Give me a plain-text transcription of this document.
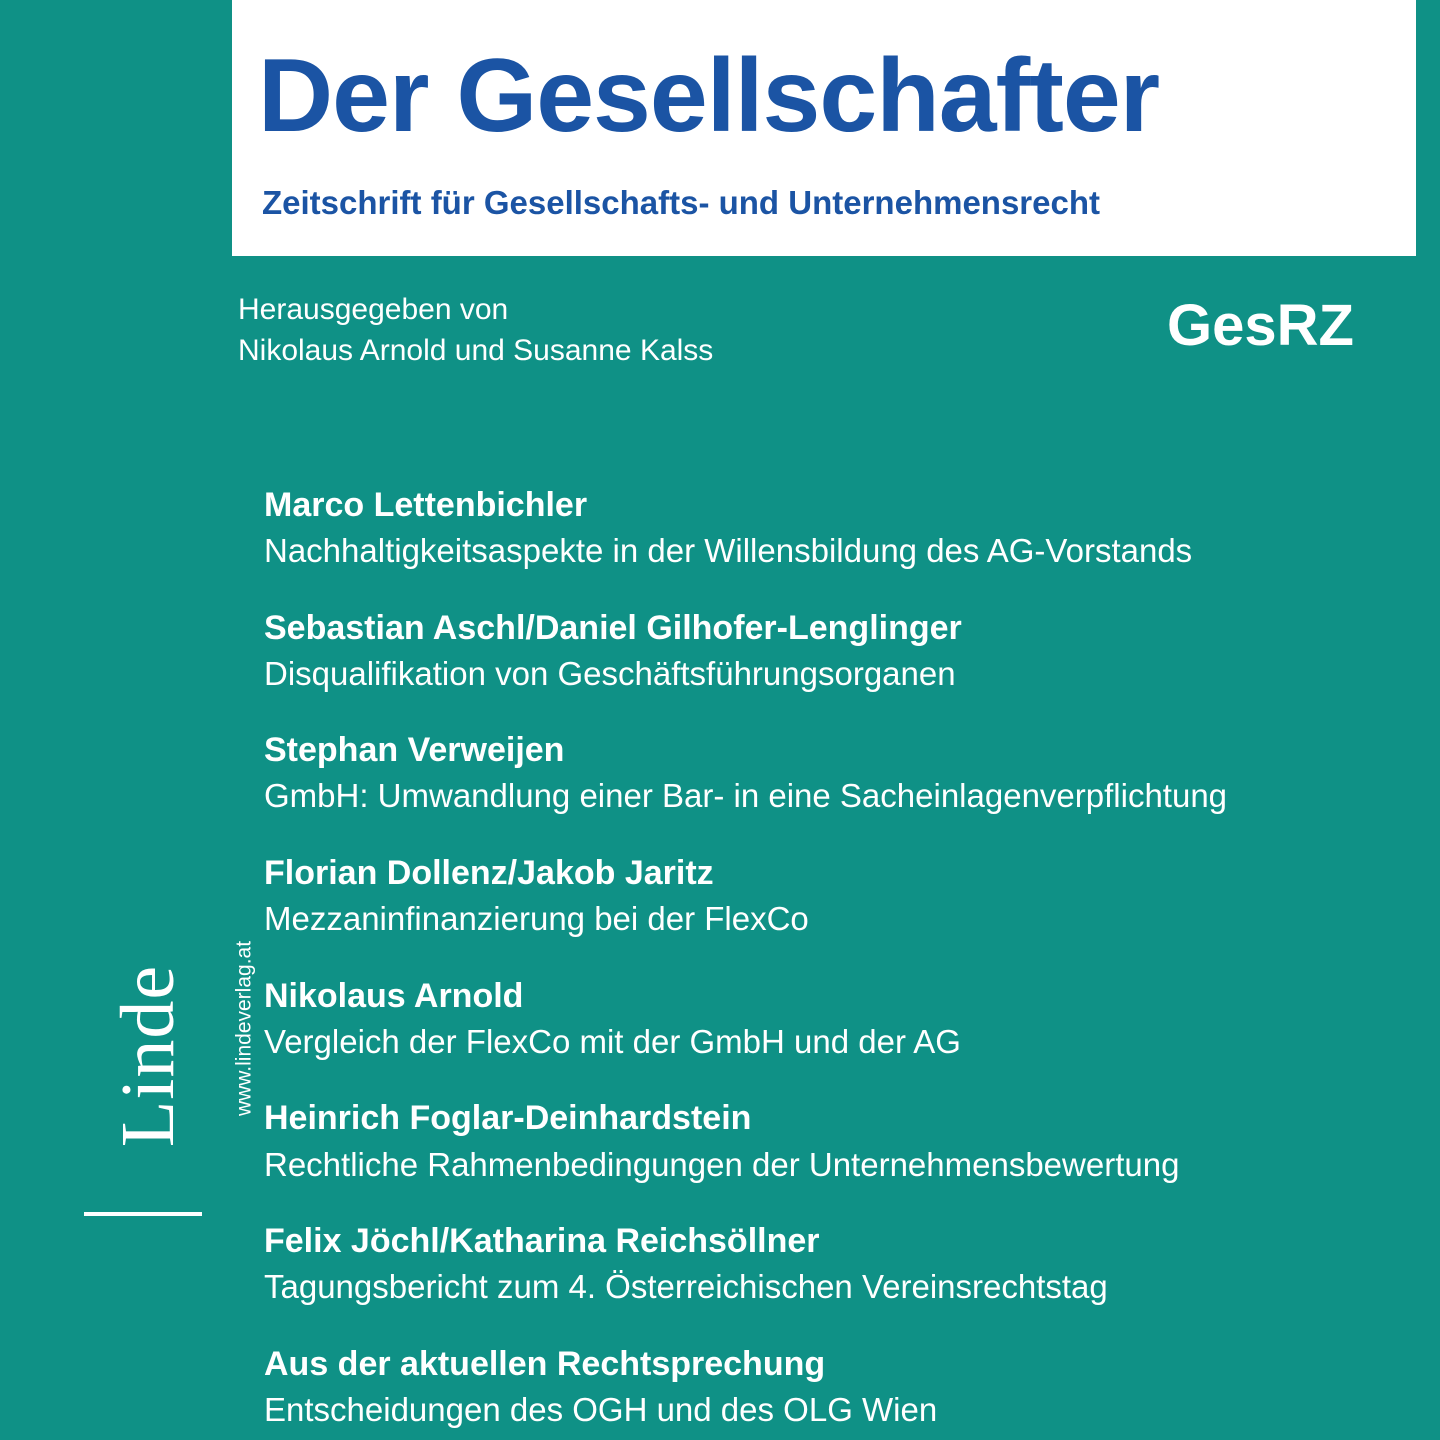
Der Gesellschafter
Zeitschrift für Gesellschafts- und Unternehmensrecht
Herausgegeben von
Nikolaus Arnold und Susanne Kalss	GesRZ
Marco Lettenbichler
Nachhaltigkeitsaspekte in der Willensbildung des AG-Vorstands
Sebastian Aschl/Daniel Gilhofer-Lenglinger
Disqualifikation von Geschäftsführungsorganen
Stephan Verweijen
GmbH: Umwandlung einer Bar- in eine Sacheinlagenverpflichtung
Florian Dollenz/Jakob Jaritz
Mezzaninfinanzierung bei der FlexCo
Nikolaus Arnold
Vergleich der FlexCo mit der GmbH und der AG
Heinrich Foglar-Deinhardstein
Rechtliche Rahmenbedingungen der Unternehmensbewertung
Felix Jöchl/Katharina Reichsöllner
Tagungsbericht zum 4. Österreichischen Vereinsrechtstag
Aus der aktuellen Rechtsprechung
Entscheidungen des OGH und des OLG Wien
Linde www.lindeverlag.at
